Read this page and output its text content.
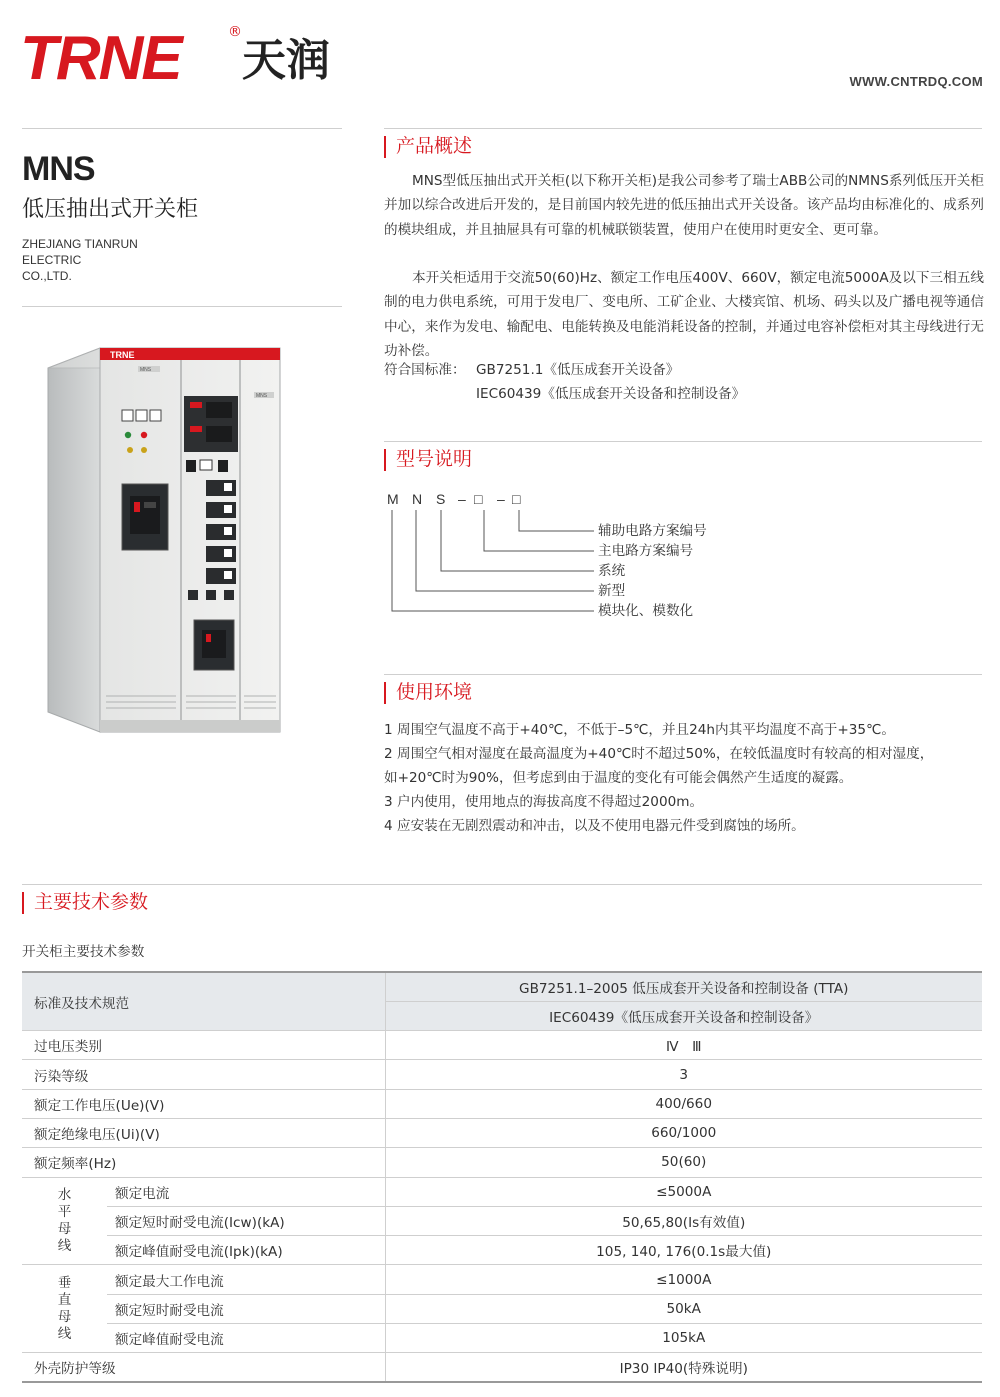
TRNE	®
天润	WWW.CNTRDQ.COM
MNS
低压抽出式开关柜
ZHEJIANG TIANRUN
ELECTRIC
CO.,LTD.
TRNE
MNS
MNS
产品概述
MNS型低压抽出式开关柜(以下称开关柜)是我公司参考了瑞士ABB公司的NMNS系列低压开关柜并加以综合改进后开发的，是目前国内较先进的低压抽出式开关设备。该产品均由标准化的、成系列的模块组成，并且抽屉具有可靠的机械联锁装置，使用户在使用时更安全、更可靠。
本开关柜适用于交流50(60)Hz、额定工作电压400V、660V，额定电流5000A及以下三相五线制的电力供电系统，可用于发电厂、变电所、工矿企业、大楼宾馆、机场、码头以及广播电视等通信中心，来作为发电、输配电、电能转换及电能消耗设备的控制，并通过电容补偿柜对其主母线进行无功补偿。
符合国标准： GB7251.1《低压成套开关设备》
IEC60439《低压成套开关设备和控制设备》
型号说明
M N S – □ – □
辅助电路方案编号
主电路方案编号
系统
新型
模块化、模数化
使用环境
1 周围空气温度不高于+40℃，不低于–5℃，并且24h内其平均温度不高于+35℃。
2 周围空气相对湿度在最高温度为+40℃时不超过50%，在较低温度时有较高的相对湿度，
如+20℃时为90%，但考虑到由于温度的变化有可能会偶然产生适度的凝露。
3 户内使用，使用地点的海拔高度不得超过2000m。
4 应安装在无剧烈震动和冲击，以及不使用电器元件受到腐蚀的场所。
主要技术参数
开关柜主要技术参数
标准及技术规范		GB7251.1–2005 低压成套开关设备和控制设备 (TTA)
		IEC60439《低压成套开关设备和控制设备》
过电压类别		Ⅳ　Ⅲ
污染等级		3
额定工作电压(Ue)(V)		400/660
额定绝缘电压(Ui)(V)		660/1000
额定频率(Hz)		50(60)
水平母线	额定电流	≤5000A
	额定短时耐受电流(Icw)(kA)	50,65,80(Is有效值)
	额定峰值耐受电流(Ipk)(kA)	105, 140, 176(0.1s最大值)
垂直母线	额定最大工作电流	≤1000A
	额定短时耐受电流	50kA
	额定峰值耐受电流	105kA
外壳防护等级		IP30 IP40(特殊说明)
